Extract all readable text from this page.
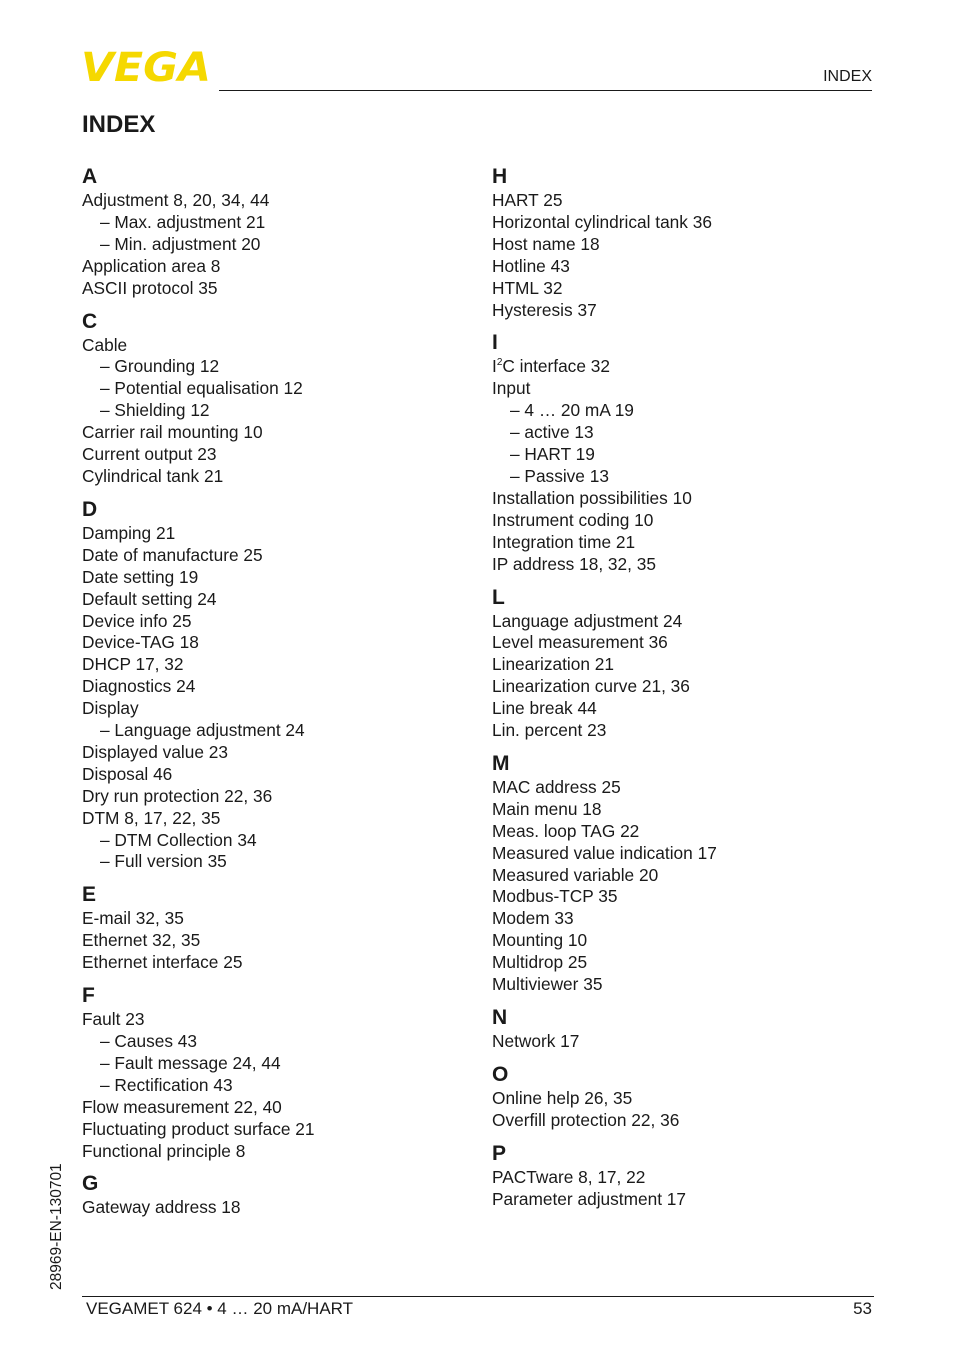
VEGA	INDEX
INDEX
A
Adjustment 8, 20, 34, 44
– Max. adjustment 21
– Min. adjustment 20
Application area 8
ASCII protocol 35
C
Cable
– Grounding 12
– Potential equalisation 12
– Shielding 12
Carrier rail mounting 10
Current output 23
Cylindrical tank 21
D
Damping 21
Date of manufacture 25
Date setting 19
Default setting 24
Device info 25
Device-TAG 18
DHCP 17, 32
Diagnostics 24
Display
– Language adjustment 24
Displayed value 23
Disposal 46
Dry run protection 22, 36
DTM 8, 17, 22, 35
– DTM Collection 34
– Full version 35
E
E-mail 32, 35
Ethernet 32, 35
Ethernet interface 25
F
Fault 23
– Causes 43
– Fault message 24, 44
– Rectification 43
Flow measurement 22, 40
Fluctuating product surface 21
Functional principle 8
G
Gateway address 18
H
HART 25
Horizontal cylindrical tank 36
Host name 18
Hotline 43
HTML 32
Hysteresis 37
I
$I^2C$ interface 32
Input
– 4 … 20 mA 19
– active 13
– HART 19
– Passive 13
Installation possibilities 10
Instrument coding 10
Integration time 21
IP address 18, 32, 35
L
Language adjustment 24
Level measurement 36
Linearization 21
Linearization curve 21, 36
Line break 44
Lin. percent 23
M
MAC address 25
Main menu 18
Meas. loop TAG 22
Measured value indication 17
Measured variable 20
Modbus-TCP 35
Modem 33
Mounting 10
Multidrop 25
Multiviewer 35
N
Network 17
O
Online help 26, 35
Overfill protection 22, 36
P
PACTware 8, 17, 22
Parameter adjustment 17
28969-EN-130701
VEGAMET 624 • 4 … 20 mA/HART	53
